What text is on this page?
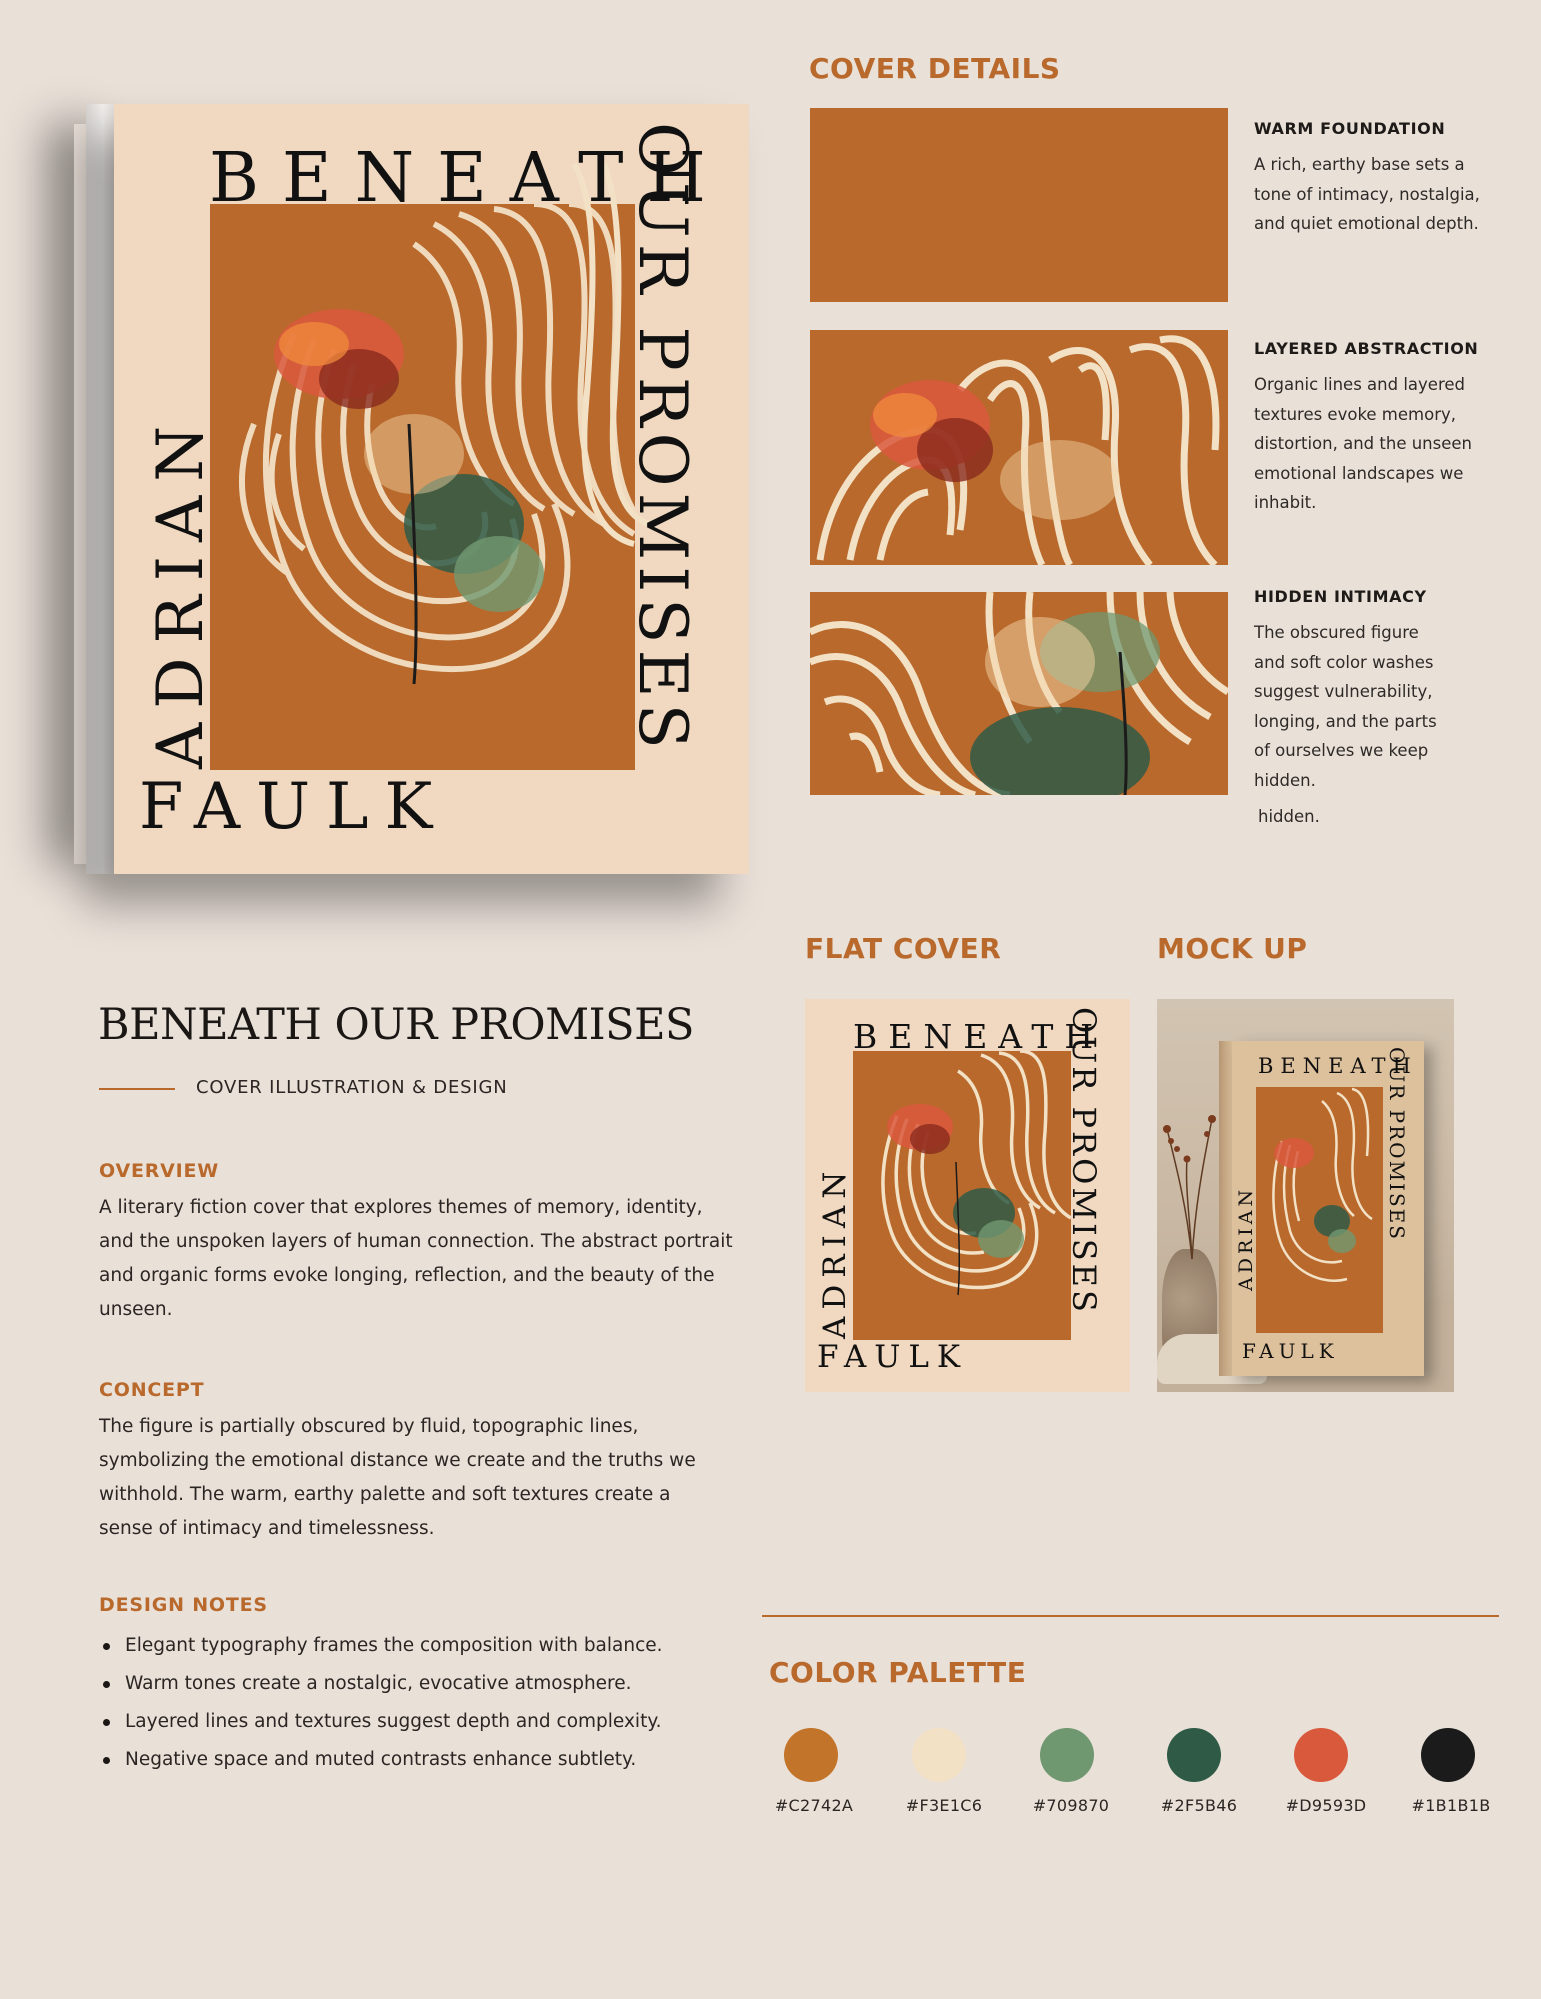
BENEATH
OUR PROMISES
ADRIAN
FAULK
COVER DETAILS
WARM FOUNDATION
A rich, earthy base sets a tone of intimacy, nostalgia, and quiet emotional depth.
LAYERED ABSTRACTION
Organic lines and layered textures evoke memory, distortion, and the unseen emotional landscapes we inhabit.
HIDDEN INTIMACY
The obscured figure and soft color washes suggest vulnerability, longing, and the parts of ourselves we keep hidden.
hidden.
BENEATH OUR PROMISES
COVER ILLUSTRATION & DESIGN
OVERVIEW
A literary fiction cover that explores themes of memory, identity, and the unspoken layers of human connection. The abstract portrait and organic forms evoke longing, reflection, and the beauty of the unseen.
CONCEPT
The figure is partially obscured by fluid, topographic lines, symbolizing the emotional distance we create and the truths we withhold. The warm, earthy palette and soft textures create a sense of intimacy and timelessness.
DESIGN NOTES
Elegant typography frames the composition with balance.
Warm tones create a nostalgic, evocative atmosphere.
Layered lines and textures suggest depth and complexity.
Negative space and muted contrasts enhance subtlety.
FLAT COVER	MOCK UP
BENEATH
OUR PROMISES
ADRIAN
FAULK
BENEATH
OUR PROMISES
ADRIAN
FAULK
COLOR PALETTE
#C2742A	#F3E1C6	#709870	#2F5B46	#D9593D	#1B1B1B
